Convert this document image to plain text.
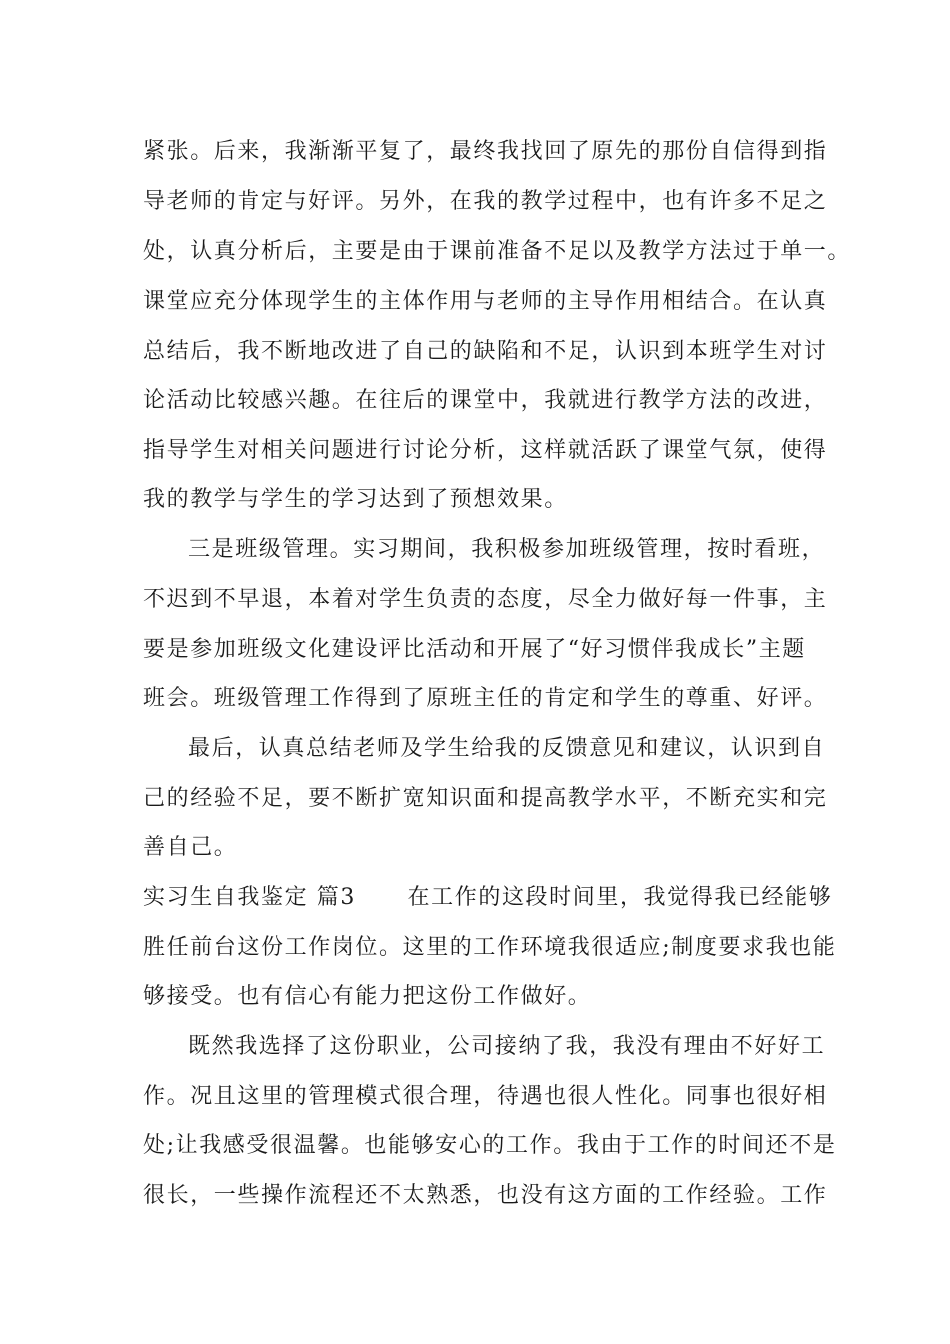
紧张。后来，我渐渐平复了，最终我找回了原先的那份自信得到指
导老师的肯定与好评。另外，在我的教学过程中，也有许多不足之
处，认真分析后，主要是由于课前准备不足以及教学方法过于单一。
课堂应充分体现学生的主体作用与老师的主导作用相结合。在认真
总结后，我不断地改进了自己的缺陷和不足，认识到本班学生对讨
论活动比较感兴趣。在往后的课堂中，我就进行教学方法的改进，
指导学生对相关问题进行讨论分析，这样就活跃了课堂气氛，使得
我的教学与学生的学习达到了预想效果。
三是班级管理。实习期间，我积极参加班级管理，按时看班，
不迟到不早退，本着对学生负责的态度，尽全力做好每一件事，主
要是参加班级文化建设评比活动和开展了“好习惯伴我成长”主题
班会。班级管理工作得到了原班主任的肯定和学生的尊重、好评。
最后，认真总结老师及学生给我的反馈意见和建议，认识到自
己的经验不足，要不断扩宽知识面和提高教学水平，不断充实和完
善自己。
实习生自我鉴定 篇3      在工作的这段时间里，我觉得我已经能够
胜任前台这份工作岗位。这里的工作环境我很适应;制度要求我也能
够接受。也有信心有能力把这份工作做好。
既然我选择了这份职业，公司接纳了我，我没有理由不好好工
作。况且这里的管理模式很合理，待遇也很人性化。同事也很好相
处;让我感受很温馨。也能够安心的工作。我由于工作的时间还不是
很长，一些操作流程还不太熟悉，也没有这方面的工作经验。工作
